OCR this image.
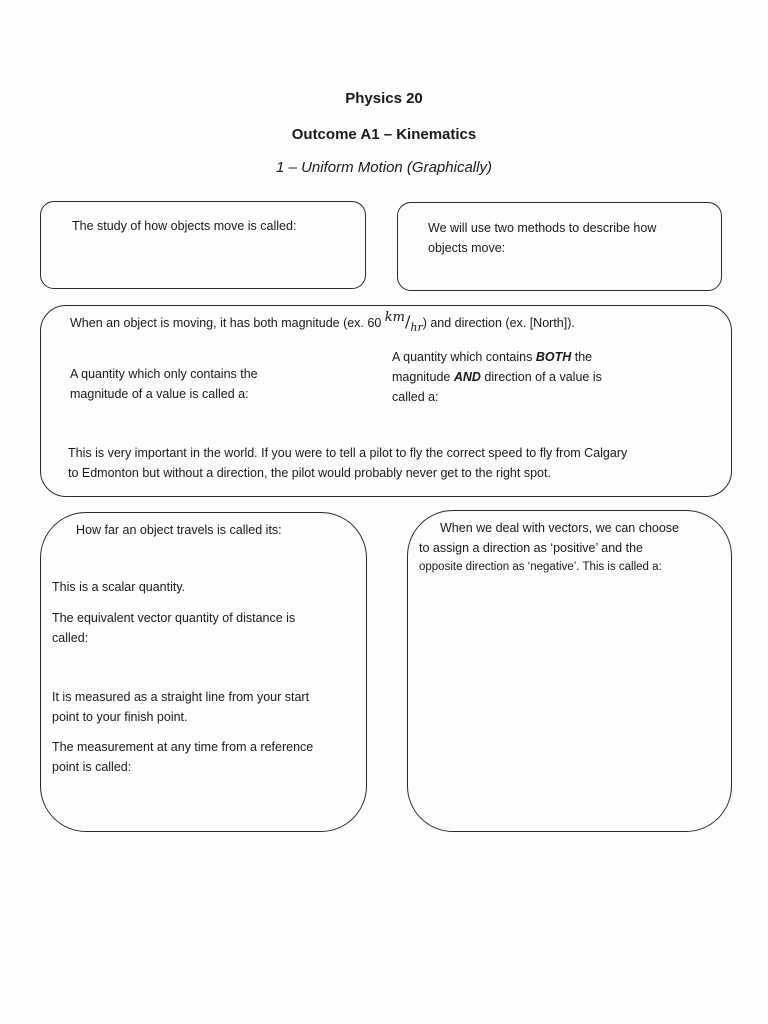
Physics 20
Outcome A1 – Kinematics
1 – Uniform Motion (Graphically)
The study of how objects move is called:	We will use two methods to describe how
objects move:
When an object is moving, it has both magnitude (ex. 60 km/hr) and direction (ex. [North]).
A quantity which only contains the
magnitude of a value is called a:
A quantity which contains BOTH the
magnitude AND direction of a value is
called a:
This is very important in the world. If you were to tell a pilot to fly the correct speed to fly from Calgary
to Edmonton but without a direction, the pilot would probably never get to the right spot.
How far an object travels is called its:
This is a scalar quantity.
The equivalent vector quantity of distance is
called:
It is measured as a straight line from your start
point to your finish point.
The measurement at any time from a reference
point is called:
When we deal with vectors, we can choose
to assign a direction as ‘positive’ and the
opposite direction as ‘negative’. This is called a:
